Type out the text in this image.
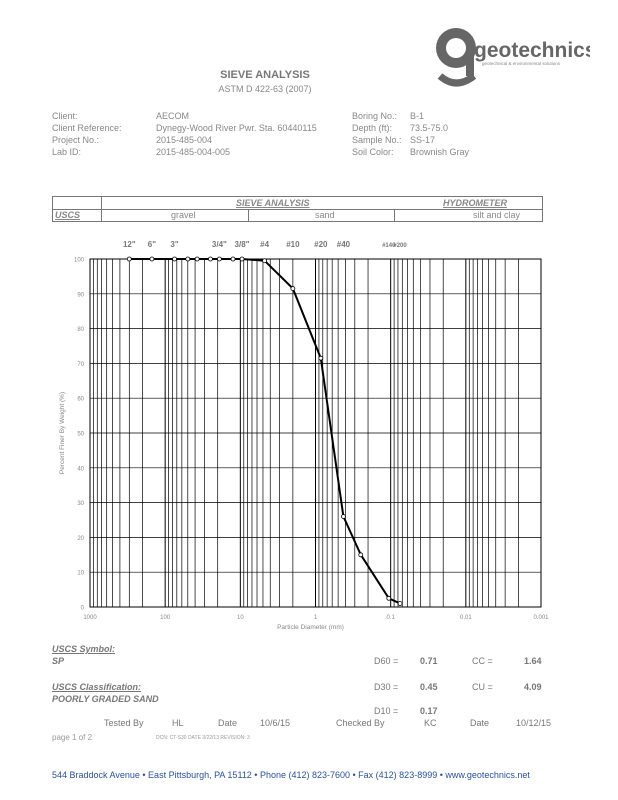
geotechnics
geotechnical & environmental solutions
SIEVE ANALYSIS
ASTM D 422-63 (2007)
Client:	AECOM
Client Reference:	Dynegy-Wood River Pwr. Sta. 60440115
Project No.:	2015-485-004
Lab ID:	2015-485-004-005
Boring No.: B-1
Depth (ft): 73.5-75.0
Sample No.: SS-17
Soil Color: Brownish Gray
SIEVE ANALYSIS	HYDROMETER
USCS	gravel	sand	silt and clay
0
10
20
30
40
50
60
70
80
90
100
1000	100	10	1	0.1	0.01	0.001
12" 6" 3"	3/4" 3/8" #4 #10 #20 #40	#140
#200
Particle Diameter (mm)
Percent Finer By Weight (%)
USCS Symbol:
SP
USCS Classification:
POORLY GRADED SAND
D60 = 0.71
D30 = 0.45
D10 = 0.17
CC =	1.64
CU =	4.09
Tested By	HL	Date	10/6/15	Checked By	KC	Date	10/12/15
page 1 of 2	DCN: CT-S30 DATE 3/22/13 REVISION: 3
544 Braddock Avenue • East Pittsburgh, PA 15112 • Phone (412) 823-7600 • Fax (412) 823-8999 • www.geotechnics.net
